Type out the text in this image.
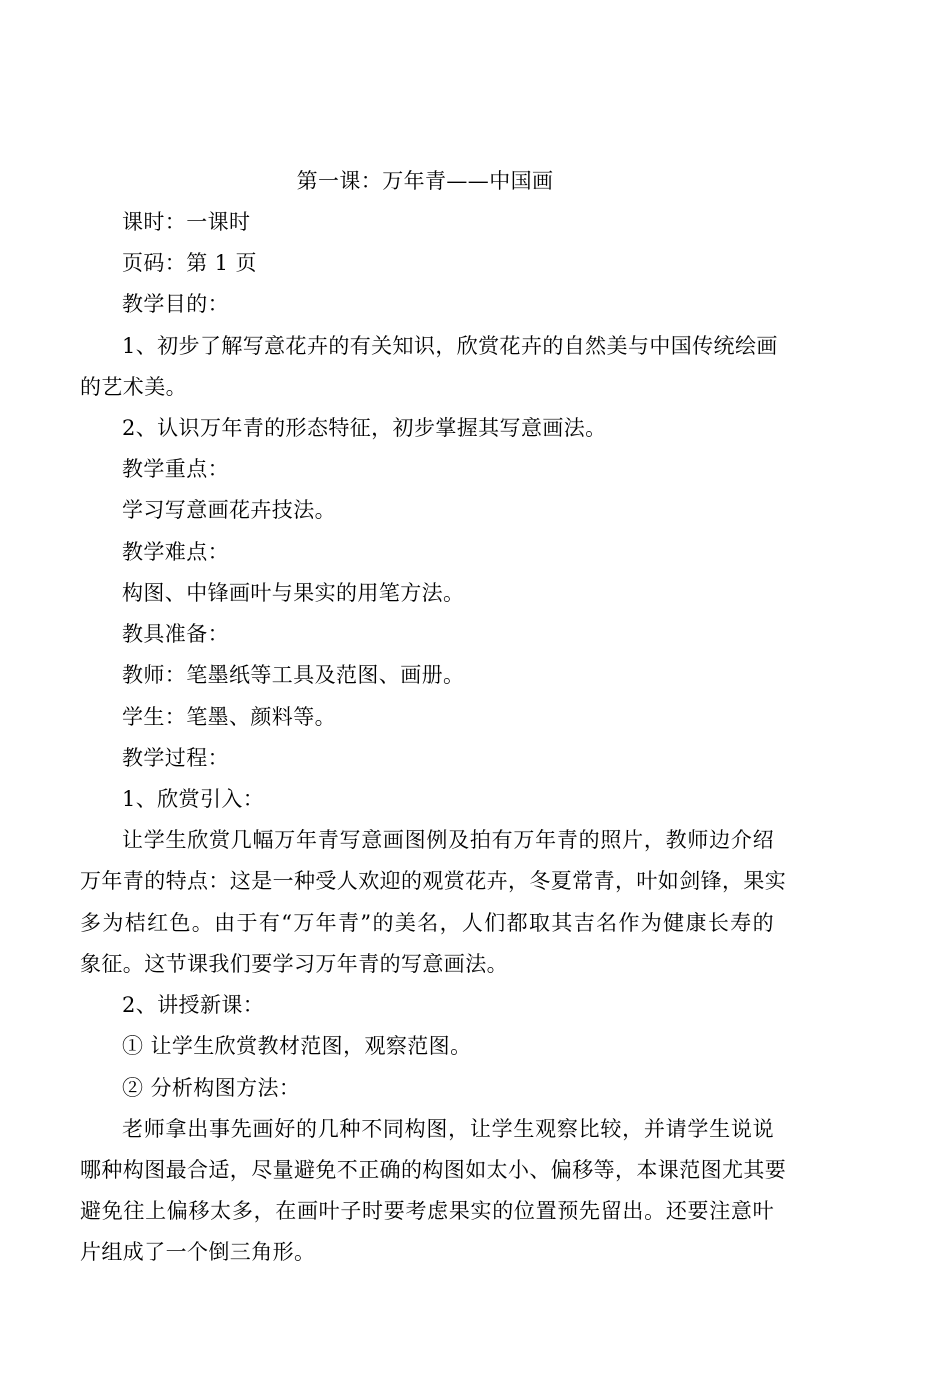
第一课：万年青——中国画
课时：一课时
页码：第 1 页
教学目的：
1、初步了解写意花卉的有关知识，欣赏花卉的自然美与中国传统绘画
的艺术美。
2、认识万年青的形态特征，初步掌握其写意画法。
教学重点：
学习写意画花卉技法。
教学难点：
构图、中锋画叶与果实的用笔方法。
教具准备：
教师：笔墨纸等工具及范图、画册。
学生：笔墨、颜料等。
教学过程：
1、欣赏引入：
让学生欣赏几幅万年青写意画图例及拍有万年青的照片，教师边介绍
万年青的特点：这是一种受人欢迎的观赏花卉，冬夏常青，叶如剑锋，果实
多为桔红色。由于有“万年青”的美名，人们都取其吉名作为健康长寿的
象征。这节课我们要学习万年青的写意画法。
2、讲授新课：
① 让学生欣赏教材范图，观察范图。
② 分析构图方法：
老师拿出事先画好的几种不同构图，让学生观察比较，并请学生说说
哪种构图最合适，尽量避免不正确的构图如太小、偏移等，本课范图尤其要
避免往上偏移太多，在画叶子时要考虑果实的位置预先留出。还要注意叶
片组成了一个倒三角形。
